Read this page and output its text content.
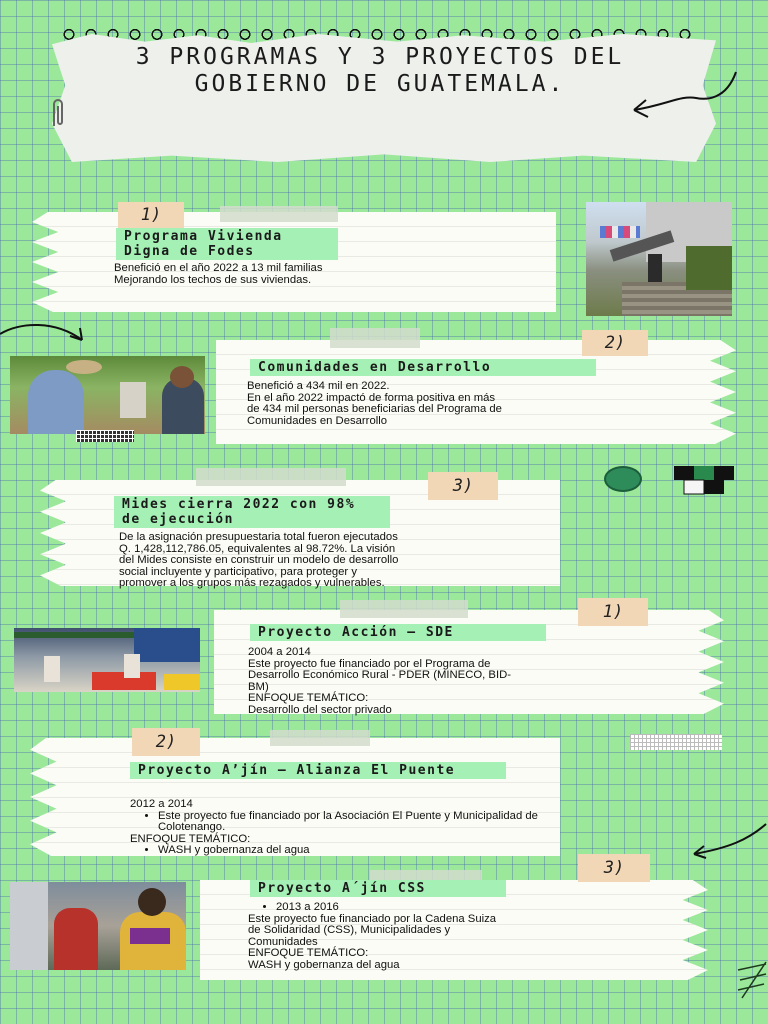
3 PROGRAMAS Y 3 PROYECTOS DEL GOBIERNO DE GUATEMALA.
1)
Programa Vivienda Digna de Fodes
Benefició en el año 2022 a 13 mil familias
Mejorando los techos de sus viviendas.
2)
Comunidades en Desarrollo
Benefició a 434 mil en 2022.
En el año 2022 impactó de forma positiva en más
de 434 mil personas beneficiarias del Programa de
Comunidades en Desarrollo
3)
Mides cierra 2022 con 98% de ejecución
De la asignación presupuestaria total fueron ejecutados
Q. 1,428,112,786.05, equivalentes al 98.72%. La visión
del Mides consiste en construir un modelo de desarrollo
social incluyente y participativo, para proteger y
promover a los grupos más rezagados y vulnerables.
1)
Proyecto Acción – SDE
2004 a 2014
Este proyecto fue financiado por el Programa de
Desarrollo Económico Rural - PDER (MINECO, BID-
BM)
ENFOQUE TEMÁTICO:
Desarrollo del sector privado
2)
Proyecto A’jín – Alianza El Puente
2012 a 2014
• Este proyecto fue financiado por la Asociación El Puente y Municipalidad de Colotenango.
ENFOQUE TEMÁTICO:
• WASH y gobernanza del agua
3)
Proyecto A´jín CSS
• 2013 a 2016
Este proyecto fue financiado por la Cadena Suiza
de Solidaridad (CSS), Municipalidades y
Comunidades
ENFOQUE TEMÁTICO:
WASH y gobernanza del agua
